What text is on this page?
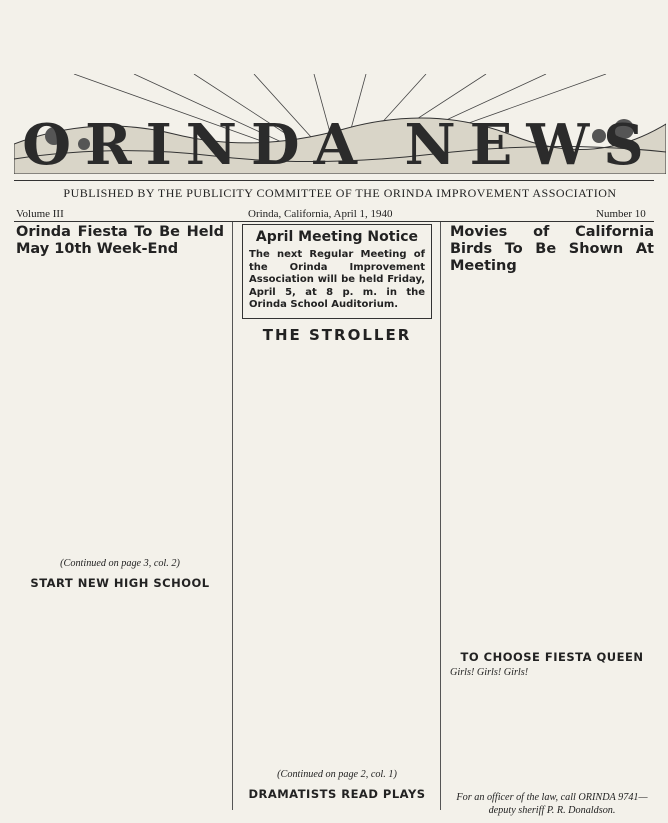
ORINDA NEWS
PUBLISHED BY THE PUBLICITY COMMITTEE OF THE ORINDA IMPROVEMENT ASSOCIATION
Volume III	Orinda, California, April 1, 1940	Number 10
Orinda Fiesta To Be Held May 10th Week-End

(Continued on page 3, col. 2)

START NEW HIGH SCHOOL
April Meeting Notice
The next Regular Meeting of the Orinda Improvement Association will be held Friday, April 5, at 8 p. m. in the Orinda School Auditorium.
THE STROLLER

(Continued on page 2, col. 1)

DRAMATISTS READ PLAYS
Movies of California Birds To Be Shown At Meeting
TO CHOOSE FIESTA QUEEN

Girls! Girls! Girls!

For an officer of the law, call ORINDA 9741—deputy sheriff P. R. Donaldson.
